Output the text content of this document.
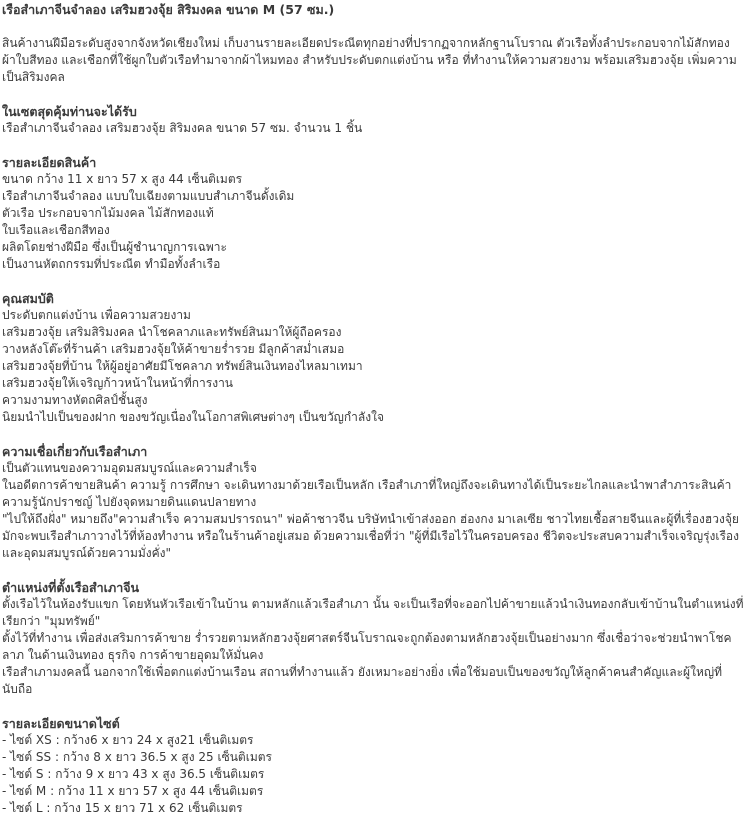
เรือสำเภาจีนจำลอง เสริมฮวงจุ้ย สิริมงคล ขนาด M (57 ซม.)

สินค้างานฝีมือระดับสูงจากจังหวัดเชียงใหม่ เก็บงานรายละเอียดประณีตทุกอย่างที่ปรากฏจากหลักฐานโบราณ ตัวเรือทั้งลำประกอบจากไม้สักทอง ผ้าใบสีทอง และเชือกที่ใช้ผูกใบตัวเรือทำมาจากผ้าไหมทอง สำหรับประดับตกแต่งบ้าน หรือ ที่ทำงานให้ความสวยงาม พร้อมเสริมฮวงจุ้ย เพิ่มความเป็นสิริมงคล

ในเซตสุดคุ้มท่านจะได้รับ

เรือสำเภาจีนจำลอง เสริมฮวงจุ้ย สิริมงคล ขนาด 57 ซม. จำนวน 1 ชิ้น

รายละเอียดสินค้า

ขนาด กว้าง 11 x ยาว 57 x สูง 44 เซ็นติเมตร

เรือสำเภาจีนจำลอง แบบใบเฉียงตามแบบสำเภาจีนดั้งเดิม

ตัวเรือ ประกอบจากไม้มงคล ไม้สักทองแท้

ใบเรือและเชือกสีทอง

ผลิตโดยช่างฝีมือ ซึ่งเป็นผู้ชำนาญการเฉพาะ

เป็นงานหัตถกรรมที่ประณีต ทำมือทั้งลำเรือ

คุณสมบัติ

ประดับตกแต่งบ้าน เพื่อความสวยงาม

เสริมฮวงจุ้ย เสริมสิริมงคล นำโชคลาภและทรัพย์สินมาให้ผู้ถือครอง

วางหลังโต๊ะที่ร้านค้า เสริมฮวงจุ้ยให้ค้าขายร่ำรวย มีลูกค้าสม่ำเสมอ

เสริมฮวงจุ้ยที่บ้าน ให้ผู้อยู่อาศัยมีโชคลาภ ทรัพย์สินเงินทองไหลมาเทมา

เสริมฮวงจุ้ยให้เจริญก้าวหน้าในหน้าที่การงาน

ความงามทางหัตถศิลป์ชั้นสูง

นิยมนำไปเป็นของฝาก ของขวัญเนื่องในโอกาสพิเศษต่างๆ เป็นขวัญกำลังใจ

ความเชื่อเกี่ยวกับเรือสำเภา

เป็นตัวแทนของความอุดมสมบูรณ์และความสำเร็จ

ในอดีตการค้าขายสินค้า ความรู้ การศึกษา จะเดินทางมาด้วยเรือเป็นหลัก เรือสำเภาที่ใหญ่ถึงจะเดินทางได้เป็นระยะไกลและนำพาสำภาระสินค้า ความรู้นักปราชญ์ ไปยังจุดหมายดินแดนปลายทาง

"ไปให้ถึงฝั่ง" หมายถึง"ความสำเร็จ ความสมปรารถนา" พ่อค้าชาวจีน บริษัทนำเข้าส่งออก ฮ่องกง มาเลเซีย ชาวไทยเชื้อสายจีนและผู้ที่เรื่องฮวงจุ้ย มักจะพบเรือสำเภาวางไว้ที่ห้องทำงาน หรือในร้านค้าอยู่เสมอ ด้วยความเชื่อที่ว่า "ผู้ที่มีเรือไว้ในครอบครอง ชีวิตจะประสบความสำเร็จเจริญรุ่งเรือง และอุดมสมบูรณ์ด้วยความมั่งคั่ง"

ตำแหน่งที่ตั้งเรือสำเภาจีน

ตั้งเรือไว้ในห้องรับแขก โดยหันหัวเรือเข้าในบ้าน ตามหลักแล้วเรือสำเภา นั้น จะเป็นเรือที่จะออกไปค้าขายแล้วนำเงินทองกลับเข้าบ้านในตำแหน่งที่เรียกว่า "มุมทรัพย์"

ตั้งไว้ที่ทำงาน เพื่อส่งเสริมการค้าขาย ร่ำรวยตามหลักฮวงจุ้ยศาสตร์จีนโบราณจะถูกต้องตามหลักฮวงจุ้ยเป็นอย่างมาก ซึ่งเชื่อว่าจะช่วยนำพาโชคลาภ ในด้านเงินทอง ธุรกิจ การค้าขายอุดมให้มั่นคง

เรือสำเภามงคลนี้ นอกจากใช้เพื่อตกแต่งบ้านเรือน สถานที่ทำงานแล้ว ยังเหมาะอย่างยิ่ง เพื่อใช้มอบเป็นของขวัญให้ลูกค้าคนสำคัญและผู้ใหญ่ที่นับถือ

รายละเอียดขนาดไซต์

- ไซต์ XS : กว้าง6 x ยาว 24 x สูง21 เซ็นติเมตร

- ไซต์ SS : กว้าง 8 x ยาว 36.5 x สูง 25 เซ็นติเมตร

- ไซต์ S : กว้าง 9 x ยาว 43 x สูง 36.5 เซ็นติเมตร

- ไซต์ M : กว้าง 11 x ยาว 57 x สูง 44 เซ็นติเมตร

- ไซต์ L : กว้าง 15 x ยาว 71 x 62 เซ็นติเมตร
